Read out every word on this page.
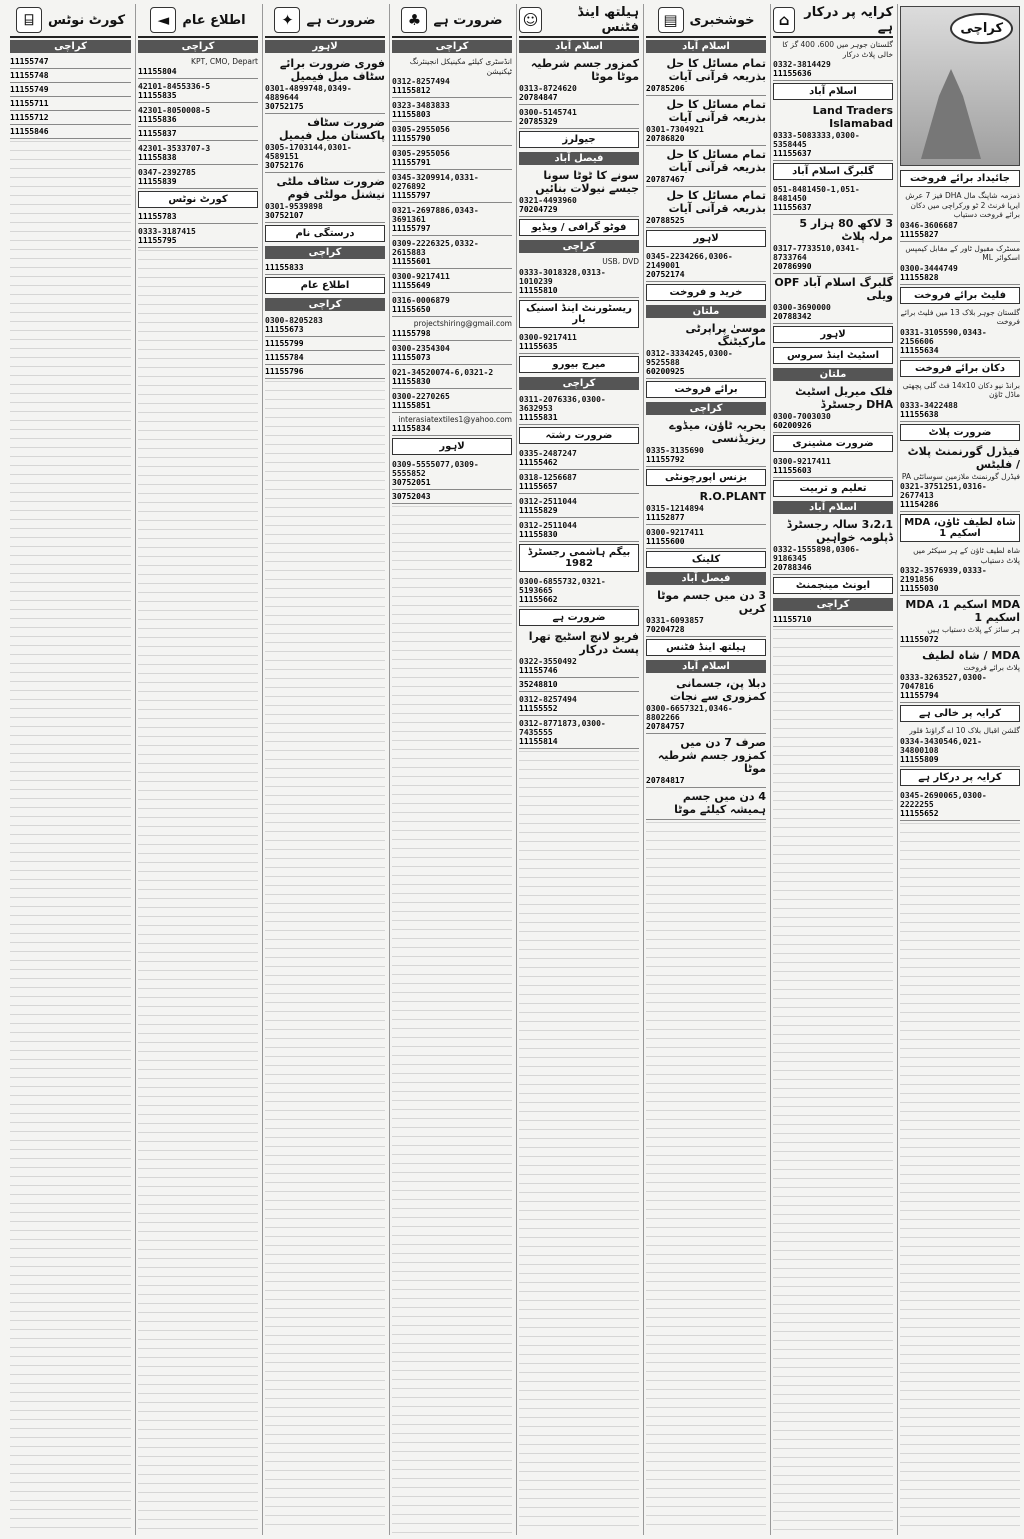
کراچی
جائیداد برائے فروخت

ذمزمہ شاپنگ مال DHA فیز 7 عرش ایریا فرنٹ 2 ٹو ورکراچی میں دکان برائے فروخت دستیاب

0346-3606687
11155827

مسٹرک مقبول ٹاور کے مقابل کیمپس اسکوائر ML

0300-3444749
11155828
فلیٹ برائے فروخت

گلستان جوہر بلاک 13 میں فلیٹ برائے فروخت

0331-3105590,0343-2156606
11155634
دکان برائے فروخت

برانڈ نیو دکان 14x10 فٹ گلی پچھتی ماڈل ٹاؤن

0333-3422488
11155638
ضرورت پلاٹ
فیڈرل گورنمنٹ پلاٹ / فلیٹس

فیڈرل گورنمنٹ ملازمین سوسائٹی PA

0321-3751251,0316-2677413
11154286
شاہ لطیف ٹاؤن، MDA اسکیم 1

شاہ لطیف ٹاؤن کے ہر سیکٹر میں پلاٹ دستیاب

0332-3576939,0333-2191856
11155030
MDA اسکیم 1، MDA اسکیم 1

ہر سائز کے پلاٹ دستیاب ہیں

11155072
MDA / شاہ لطیف

پلاٹ برائے فروخت

0333-3263527,0300-7047816
11155794
کرایہ پر خالی ہے

گلشن اقبال بلاک 10 اے گراؤنڈ فلور

0334-3430546,021-34800108
11155809
کرایہ پر درکار ہے
0345-2690065,0300-2222255
11155652
کرایہ پر درکار ہے
⌂

گلستان جوہر میں 600، 400 گز کا خالی پلاٹ درکار

0332-3814429
11155636
اسلام آباد
Land Traders Islamabad
0333-5083333,0300-5358445
11155637
گلبرگ اسلام آباد
051-8481450-1,051-8481450
11155637
3 لاکھ 80 ہزار 5 مرلہ پلاٹ
0317-7733510,0341-8733764
20786990
گلبرگ اسلام آباد OPF ویلی
0300-3690000
20788342
لاہور
اسٹیٹ اینڈ سروس
ملتان
فلک میریل اسٹیٹ DHA رجسٹرڈ
0300-7003030
60200926
ضرورت مشینری
0300-9217411
11155603
تعلیم و تربیت
اسلام آباد
3،2،1 سالہ رجسٹرڈ ڈپلومہ خواہیں
0332-1555898,0306-9186345
20788346
ایونٹ مینجمنٹ
کراچی
11155710
خوشخبری
▤
اسلام آباد
تمام مسائل کا حل بذریعہ قرآنی آیات
20785206
تمام مسائل کا حل بذریعہ قرآنی آیات
0301-7304921
20786820
تمام مسائل کا حل بذریعہ قرآنی آیات
20787467
تمام مسائل کا حل بذریعہ قرآنی آیات
20788525
لاہور
0345-2234266,0306-2149001
20752174
خرید و فروخت
ملتان
موسیٰ پراپرٹی مارکیٹنگ
0312-3334245,0300-9525588
60200925
برائے فروخت
کراچی
بحریہ ٹاؤن، میڈوے ریزیڈنسی
0335-3135690
11155792
بزنس اپورچونٹی
R.O.PLANT
0315-1214894
11152877
0300-9217411
11155600
کلینک
فیصل آباد
3 دن میں جسم موٹا کریں
0331-6093857
70204728
ہیلتھ اینڈ فٹنس
اسلام آباد
دبلا پن، جسمانی کمزوری سے نجات
0300-6657321,0346-8802266
20784757
صرف 7 دن میں کمزور جسم شرطیہ موٹا
20784817
4 دن میں جسم ہمیشہ کیلئے موٹا
ہیلتھ اینڈ فٹنس
☺
اسلام آباد
کمزور جسم شرطیہ موٹا موٹا
0313-8724620
20784847
0300-5145741
20785329
جیولرز
فیصل آباد
سونے کا ٹوٹا سونا جیسے نیولات بنائیں
0321-4493960
70204729
فوٹو گرافی / ویڈیو
کراچی

USB، DVD

0333-3018328,0313-1010239
11155810
ریسٹورنٹ اینڈ اسنیک بار
0300-9217411
11155635
میرج بیورو
کراچی
0311-2076336,0300-3632953
11155831
ضرورت رشتہ
0335-2487247
11155462
0318-1256687
11155657
0312-2511044
11155829
0312-2511044
11155830
بیگم ہاشمی رجسٹرڈ 1982
0300-6855732,0321-5193665
11155662
ضرورت ہے
فریو لانچ اسٹیچ تھرا پسٹ درکار
0322-3550492
11155746
35248810
0312-8257494
11155552
0312-8771873,0300-7435555
11155814
ضرورت ہے
♣
کراچی

انڈسٹری کیلئے مکینیکل انجینئرنگ ٹیکنیشن

0312-8257494
11155812
0323-3483833
11155803
0305-2955056
11155790
0305-2955056
11155791
0345-3209914,0331-0276892
11155797
0321-2697886,0343-3691361
11155797
0309-2226325,0332-2615883
11155601
0300-9217411
11155649
0316-0006879
11155650

projectshiring@gmail.com

11155798
0300-2354304
11155073
021-34520074-6,0321-2
11155830
0300-2270265
11155851

interasiatextiles1@yahoo.com

11155834
لاہور
0309-5555077,0309-5555852
30752051
30752043
ضرورت ہے
✦
لاہور
فوری ضرورت برائے سٹاف میل فیمیل
0301-4899748,0349-4889644
30752175
ضرورت سٹاف پاکستان میل فیمیل
0305-1703144,0301-4589151
30752176
ضرورت سٹاف ملٹی نیشنل مولٹی فوم
0301-9539898
30752107
درستگی نام
کراچی
11155833
اطلاع عام
کراچی
0300-8205283
11155673
11155799
11155784
11155796
اطلاع عام
◄
کراچی

KPT, CMO, Depart

11155804
42101-8455336-5
11155835
42301-8050008-5
11155836
11155837
42301-3533707-3
11155838
0347-2392785
11155839
کورٹ نوٹس
11155783
0333-3187415
11155795
کورٹ نوٹس
⌸
کراچی
11155747
11155748
11155749
11155711
11155712
11155846
